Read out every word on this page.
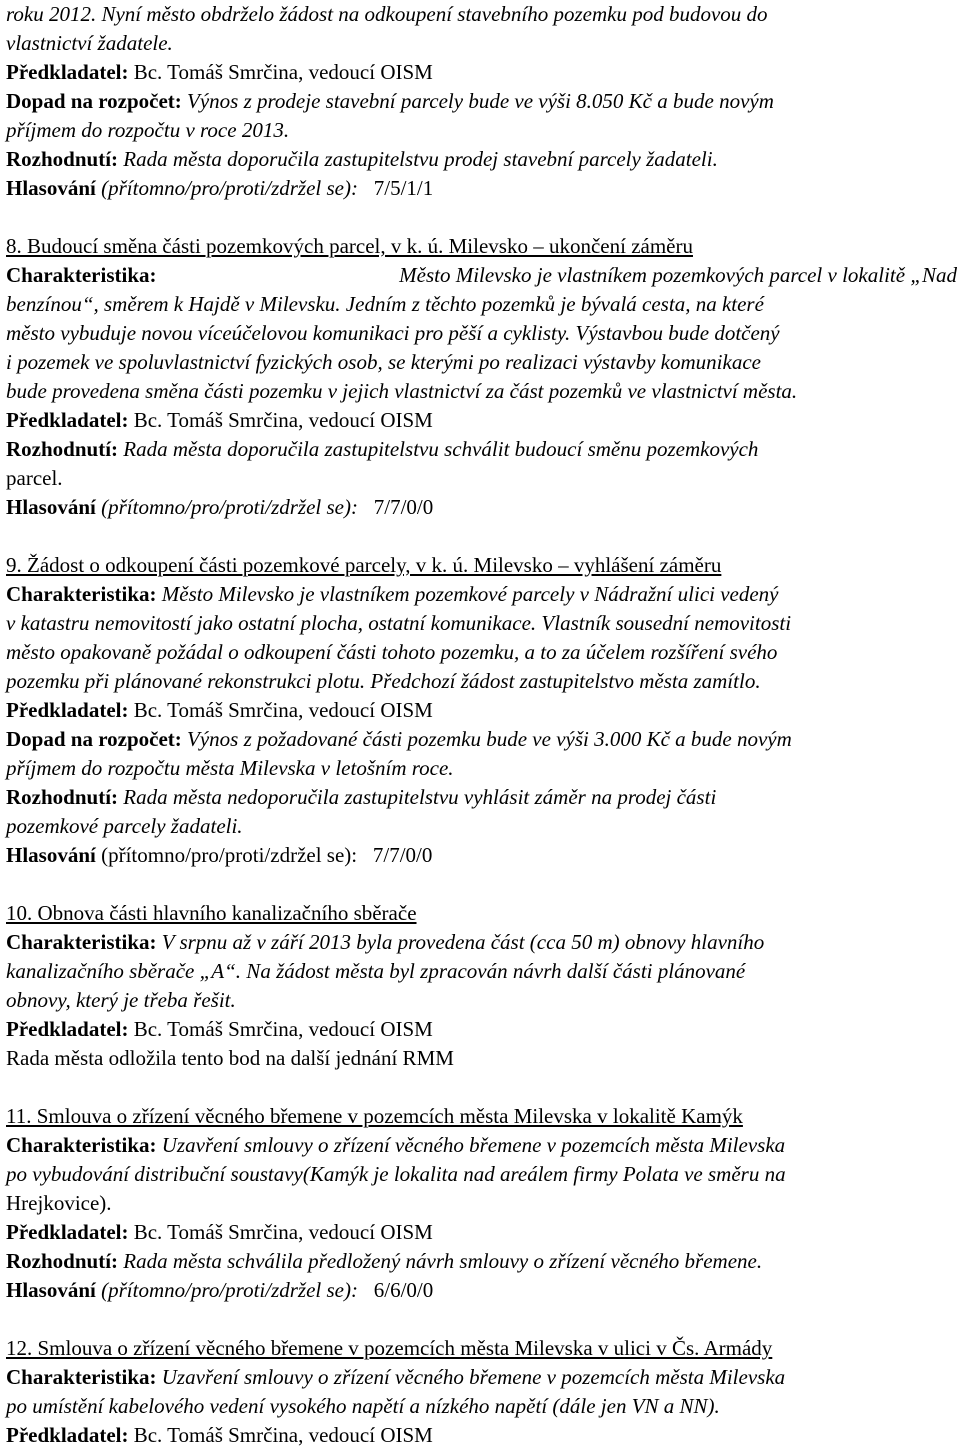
roku 2012. Nyní město obdrželo žádost na odkoupení stavebního pozemku pod budovou do
vlastnictví žadatele.
Předkladatel: Bc. Tomáš Smrčina, vedoucí OISM
Dopad na rozpočet: Výnos z prodeje stavební parcely bude ve výši 8.050 Kč a bude novým
příjmem do rozpočtu v roce 2013.
Rozhodnutí: Rada města doporučila zastupitelstvu prodej stavební parcely žadateli.
Hlasování (přítomno/pro/proti/zdržel se): 7/5/1/1
8. Budoucí směna části pozemkových parcel, v k. ú. Milevsko – ukončení záměru
Charakteristika:	Město Milevsko je vlastníkem pozemkových parcel v lokalitě „Nad
benzínou“, směrem k Hajdě v Milevsku. Jedním z těchto pozemků je bývalá cesta, na které
město vybuduje novou víceúčelovou komunikaci pro pěší a cyklisty. Výstavbou bude dotčený
i pozemek ve spoluvlastnictví fyzických osob, se kterými po realizaci výstavby komunikace
bude provedena směna části pozemku v jejich vlastnictví za část pozemků ve vlastnictví města.
Předkladatel: Bc. Tomáš Smrčina, vedoucí OISM
Rozhodnutí: Rada města doporučila zastupitelstvu schválit budoucí směnu pozemkových
parcel.
Hlasování (přítomno/pro/proti/zdržel se): 7/7/0/0
9. Žádost o odkoupení části pozemkové parcely, v k. ú. Milevsko – vyhlášení záměru
Charakteristika: Město Milevsko je vlastníkem pozemkové parcely v Nádražní ulici vedený
v katastru nemovitostí jako ostatní plocha, ostatní komunikace. Vlastník sousední nemovitosti
město opakovaně požádal o odkoupení části tohoto pozemku, a to za účelem rozšíření svého
pozemku při plánované rekonstrukci plotu. Předchozí žádost zastupitelstvo města zamítlo.
Předkladatel: Bc. Tomáš Smrčina, vedoucí OISM
Dopad na rozpočet: Výnos z požadované části pozemku bude ve výši 3.000 Kč a bude novým
příjmem do rozpočtu města Milevska v letošním roce.
Rozhodnutí: Rada města nedoporučila zastupitelstvu vyhlásit záměr na prodej části
pozemkové parcely žadateli.
Hlasování (přítomno/pro/proti/zdržel se): 7/7/0/0
10. Obnova části hlavního kanalizačního sběrače
Charakteristika: V srpnu až v září 2013 byla provedena část (cca 50 m) obnovy hlavního
kanalizačního sběrače „A“. Na žádost města byl zpracován návrh další části plánované
obnovy, který je třeba řešit.
Předkladatel: Bc. Tomáš Smrčina, vedoucí OISM
Rada města odložila tento bod na další jednání RMM
11. Smlouva o zřízení věcného břemene v pozemcích města Milevska v lokalitě Kamýk
Charakteristika: Uzavření smlouvy o zřízení věcného břemene v pozemcích města Milevska
po vybudování distribuční soustavy(Kamýk je lokalita nad areálem firmy Polata ve směru na
Hrejkovice).
Předkladatel: Bc. Tomáš Smrčina, vedoucí OISM
Rozhodnutí: Rada města schválila předložený návrh smlouvy o zřízení věcného břemene.
Hlasování (přítomno/pro/proti/zdržel se): 6/6/0/0
12. Smlouva o zřízení věcného břemene v pozemcích města Milevska v ulici v Čs. Armády
Charakteristika: Uzavření smlouvy o zřízení věcného břemene v pozemcích města Milevska
po umístění kabelového vedení vysokého napětí a nízkého napětí (dále jen VN a NN).
Předkladatel: Bc. Tomáš Smrčina, vedoucí OISM
